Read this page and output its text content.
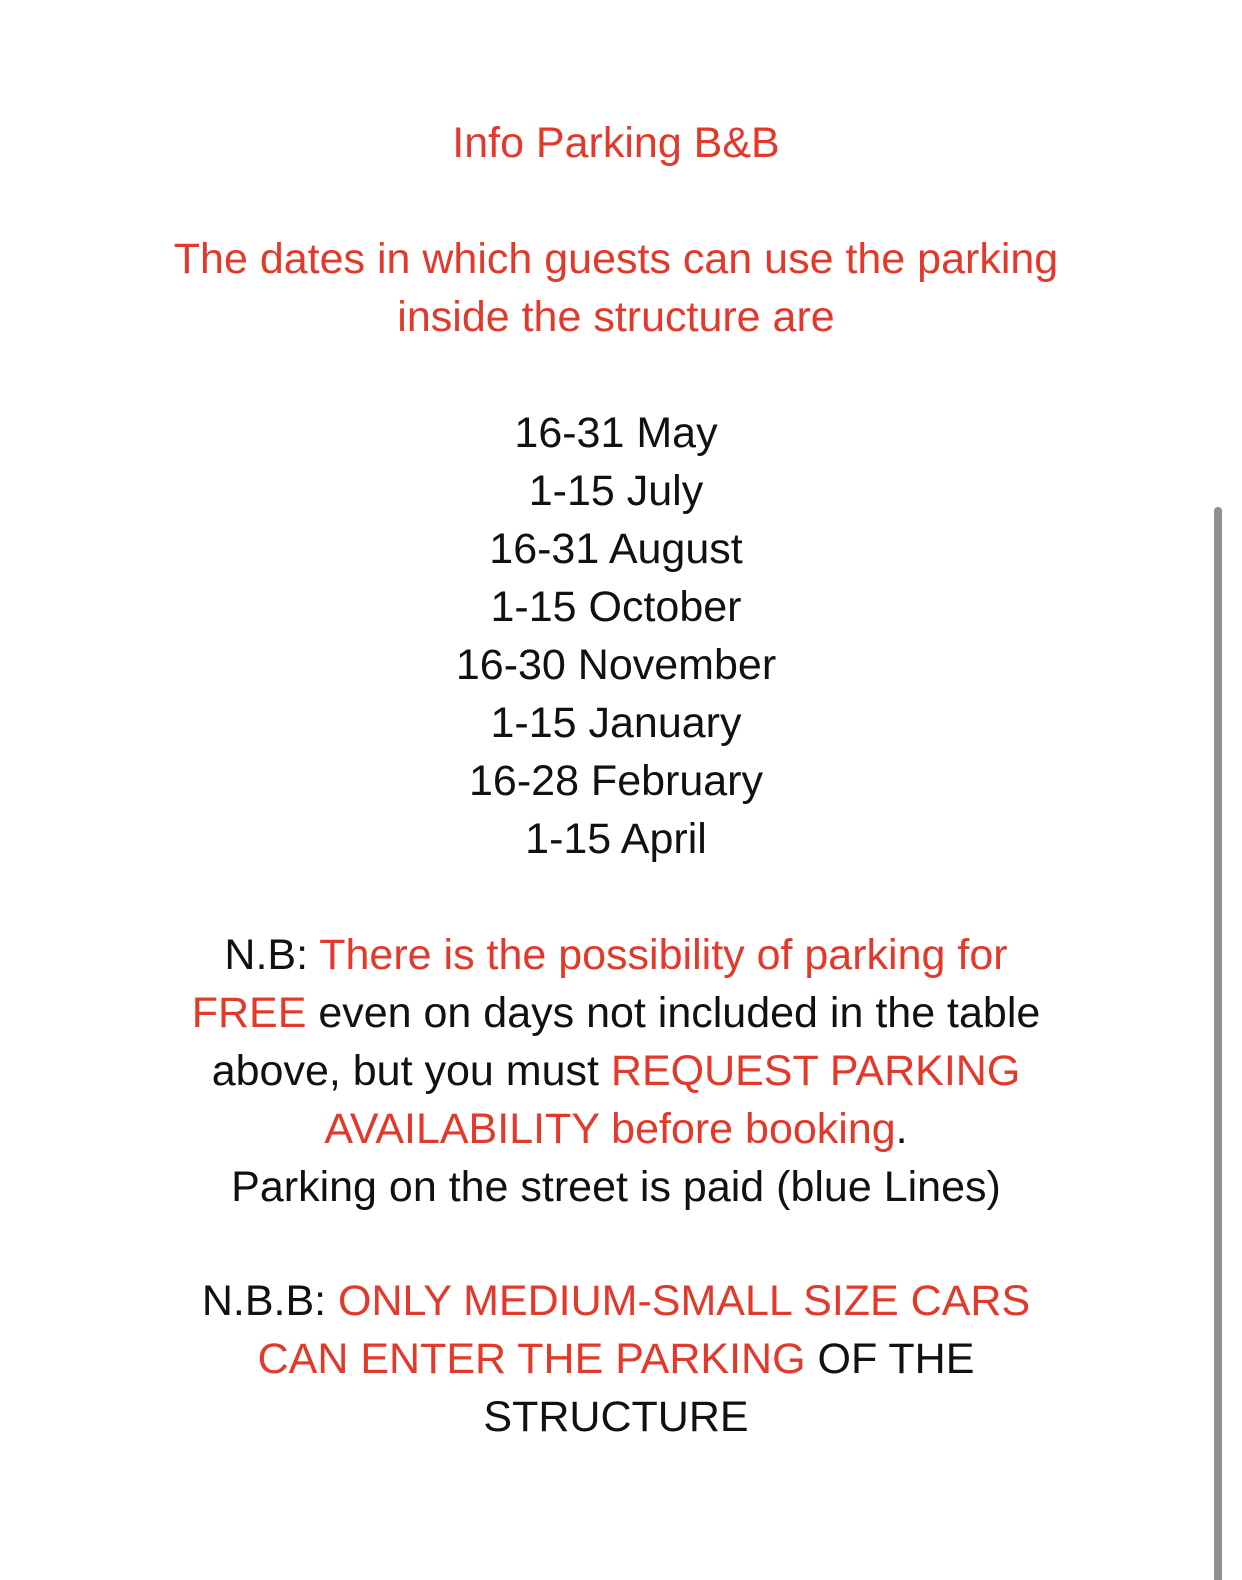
Info Parking B&B

The dates in which guests can use the parking
inside the structure are

16-31 May
1-15 July
16-31 August
1-15 October
16-30 November
1-15 January
16-28 February
1-15 April

N.B: There is the possibility of parking for
FREE even on days not included in the table
above, but you must REQUEST PARKING
AVAILABILITY before booking.
Parking on the street is paid (blue Lines)

N.B.B: ONLY MEDIUM-SMALL SIZE CARS
CAN ENTER THE PARKING OF THE
STRUCTURE
